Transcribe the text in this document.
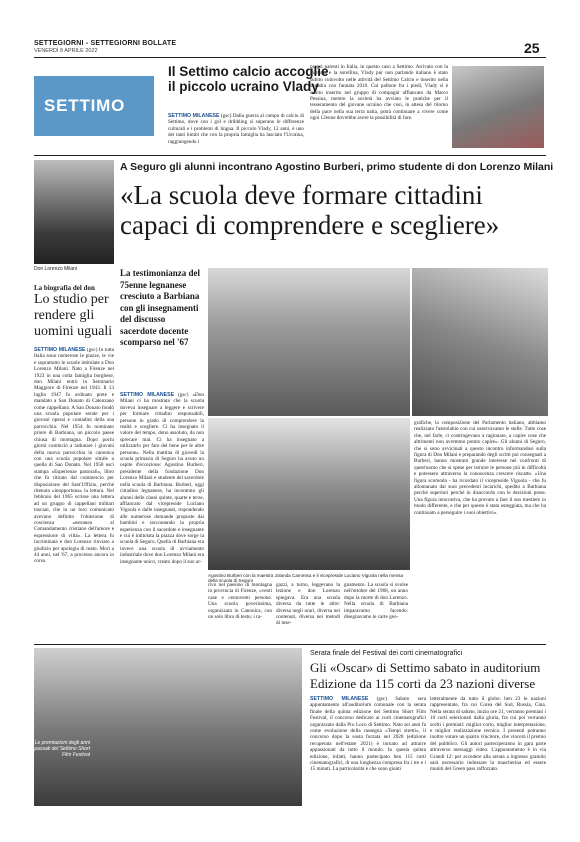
SETTEGIORNI - SETTEGIORNI BOLLATE
VENERDÌ 8 APRILE 2022	25
SETTIMO
Il Settimo calcio accoglie il piccolo ucraino Vlady
SETTIMO MILANESE (gsc) Dalla guerra al campo di calcio di Settimo, dove con i gol e dribbling si superano le differenze culturali e i problemi di lingua. Il piccolo Vlady, 12 anni, è uno dei tanti bimbi che con la propria famiglia ha lasciato l'Ucraina, raggiungendo i
propri parenti in Italia, in questo caso a Settimo. Arrivato con la mamma e la sorellina, Vlady pur non parlando italiano è stato subito coinvolto nelle attività del Settimo Calcio e inserito nella squadra con l'annata 2010. Col pallone fra i piedi, Vlady si è subito inserito nel gruppo di compagni affiancato da Marco Pessina, mentre la società ha avviato le pratiche per il tesseramento del giovane ucraino che così, in attesa del ritorno della pace nella sua terra natia, potrà continuare a vivere come ogni 12enne dovrebbe avere la possibilità di fare.
A Seguro gli alunni incontrano Agostino Burberi, primo studente di don Lorenzo Milani
«La scuola deve formare cittadini capaci di comprendere e scegliere»
Don Lorenzo Milani
La biografia del don
Lo studio per rendere gli uomini uguali
SETTIMO MILANESE (gsc) In tutta Italia sono numerose le piazze, le vie e soprattutto le scuole intitolate a Don Lorenzo Milani. Nato a Firenze nel 1923 in una colta famiglia borghese, don Milani entrò in Seminario Maggiore di Firenze nel 1943. Il 13 luglio 1947 fu ordinato prete e mandato a San Donato di Calenzano come cappellano. A San Donato fondò una scuola popolare serale per i giovani operai e contadini della sua parrocchia. Nel 1954 fu nominato priore di Barbiana, un piccolo paese chiusa di montagna. Dopo pochi giorni cominciò a radunare i giovani della nuova parrocchia in canonica con una scuola popolare simile a quella di San Donato. Nel 1958 uscì stampa «Esperienze pastorali», libro che fu ritirato dal commercio per disposizione del Sant'Uffizio, perché ritenuta «inopportuna» la lettura. Nel febbraio del 1965 scrisse una lettera ad un gruppo di cappellani militari toscani, che in un loro comunicato avevano definito l'obiezione di coscienza «estranea al Comandamento cristiano dell'amore e espressione di viltà». La lettera fu incriminata e don Lorenzo rinviato a giudizio per apologia di reato. Morì a 44 anni, nel '67, a processo ancora in corso.
La testimonianza del 75enne legnanese cresciuto a Barbiana con gli insegnamenti del discusso sacerdote docente scomparso nel '67
SETTIMO MILANESE (gsc) «Don Milani ci ha mostrato che la scuola doveva insegnare a leggere e scrivere per formare cittadini responsabili, persone in grado di comprendere la realtà e scegliere. Ci ha insegnato il valore del tempo, dono assoluto, da non sprecare mai. Ci ha insegnato a utilizzarlo per fare del bene per le altre persone». Nella mattina di giovedì la scuola primaria di Seguro ha avuto un ospite d'eccezione: Agostino Burberi, presidente della fondazione Don Lorenzo Milani e studente del sacerdote nella scuola di Barbiana. Burberi, oggi cittadino legnanese, ha incontrato gli alunni delle classi quinte, quarte e terze, affiancato dal vicepreside Luciano Vigoola e dalle insegnanti, rispondendo alle numerose domande proposte dai bambini e raccontando la propria esperienza con il sacerdote e insegnante e cui è intitolata la piazza dove sorge la scuola di Seguro. Quella di Barbiana era invece una scuola di avviamento industriale dove don Lorenzo Milani era insegnante unico, creato dopo il suo ar-
Agostino Burberi con la maestra Jolanda Cammisa e il vicepreside Luciano Vigoola nella mensa della scuola di Seguro
rivo nel paesino di montagna in provincia di Firenze, «venti case e centoventi persone. Una scuola poverissima, organizzata in Canonica, con un solo libro di testo; i ra-
gazzi, a turno, leggevano la lezione e don Lorenzo spiegava. Era una scuola diversa da tutte le altre: diversa negli orari, diversa nei contenuti, diversa nei metodi di inse-
gnamento. La scuola si svolse nell'ottobre del 1968, un anno dopo la morte di don Lorenzo. Nella scuola di Barbiana imparavamo facendo: disegnavamo le carte geo-
grafiche, la composizione del Parlamento italiano, abbiamo realizzato l'astrolabio con cui osservavamo le stelle. Tutte cose che, nel farle, ci costringevano a ragionare, a capire cose che altrimenti non avremmo potuto capire». Gli alunni di Seguro, che si sono avvicinati a questo incontro informandosi sulla figura di Don Milani e preparando degli scritti poi consegnati a Burberi, hanno mostrato grande interesse nei confronti di quest'uomo che si spese per istruire le persone più in difficoltà e potessero attraverso la conoscenza crescere riscatto. «Una figura scomoda - ha ricordato il vicepreside Vigoola - che fu allontanato dai suoi precedenti incarichi, spedito a Barbiana perché superiori perché in disaccordo con le decisioni prese. Una figura innovativa, che ha provato a fare il suo mestiere in modo differente, e che per questo è stata osteggiata, ma che ha continuato a perseguire i suoi obiettivi».
Le premiazioni degli anni passati del Settimo Short Film Festival
Serata finale del Festival dei corti cinematografici
Gli «Oscar» di Settimo sabato in auditorium
Edizione da 115 corti da 23 nazioni diverse
SETTIMO MILANESE (gsc) Sabato sera appuntamento all'auditorium comunale con la serata finale della quinta edizione del Settimo Short Film Festival, il concorso dedicato ai corti cinematografici organizzato dalla Pro Loco di Settimo. Nato sei anni fa come evoluzione della rassegna «Tempi stretti», il concorso dopo la sosta forzata nel 2020 (edizione recuperata nell'estate 2021) è tornato ad attrarre appassionati da tutto il mondo. In questa quinta edizione, infatti, hanno partecipato ben 115 corti cinematografici, di una lunghezza compresa fra i tre e i 15 minuti. La particolarità è che sono giunti
letteralmente da tutto il globo: ben 23 le nazioni rappresentate, fra cui Corea del Sud, Russia, Cina. Nella serata di sabato, inizio ore 21, verranno premiati i 10 corti selezionati dalla giuria, fra cui poi verranno scelti i premiati: miglior corto, miglior interpretazione, e miglior realizzazione tecnica. I presenti potranno inoltre votare un quarto vincitore, che vincerà il premio del pubblico. Gli autori parteciperanno in gara parte attraverso messaggi video. L'appuntamento è in via Grandi 12: per accedere alla serata a ingresso gratuito sarà necessario indossare la mascherina ed essere muniti del Green pass rafforzato.
